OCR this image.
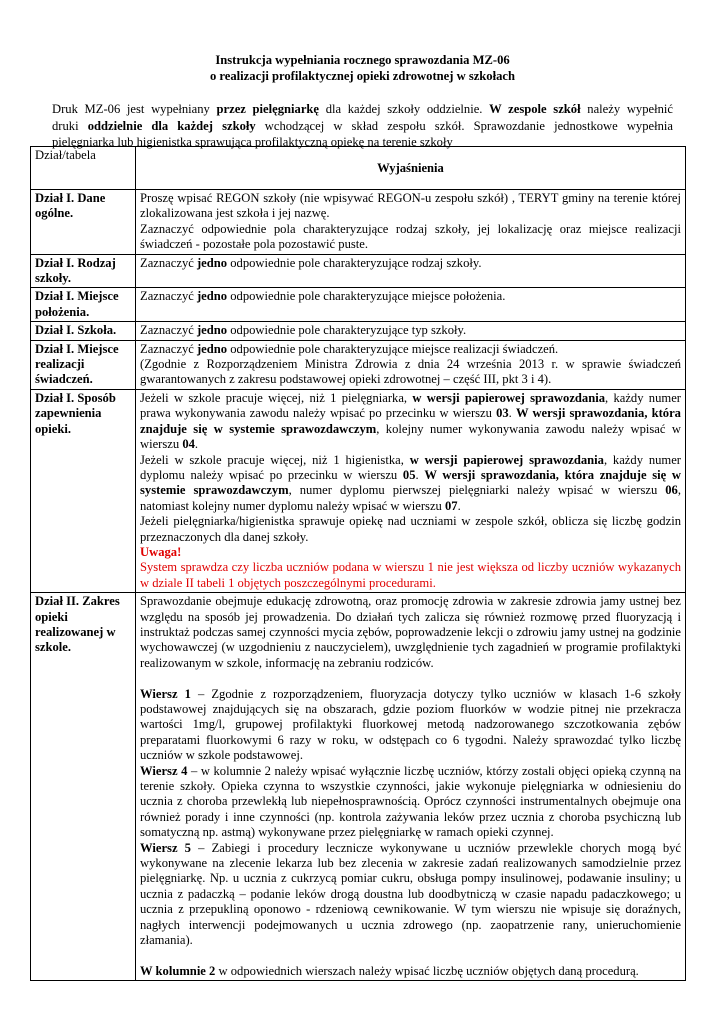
Instrukcja wypełniania rocznego sprawozdania MZ-06
o realizacji profilaktycznej opieki zdrowotnej w szkołach
Druk MZ-06 jest wypełniany przez pielęgniarkę dla każdej szkoły oddzielnie. W zespole szkół należy wypełnić
druki oddzielnie dla każdej szkoły wchodzącej w skład zespołu szkół. Sprawozdanie jednostkowe wypełnia
pielęgniarka lub higienistka sprawująca profilaktyczną opiekę na terenie szkoły
Dział/tabela	Wyjaśnienia
Dział I. Dane ogólne.	Proszę wpisać REGON szkoły (nie wpisywać REGON-u zespołu szkół) , TERYT gminy na terenie której zlokalizowana jest szkoła i jej nazwę.
Zaznaczyć odpowiednie pola charakteryzujące rodzaj szkoły, jej lokalizację oraz miejsce realizacji świadczeń - pozostałe pola pozostawić puste.

Dział I. Rodzaj szkoły.	Zaznaczyć jedno odpowiednie pole charakteryzujące rodzaj szkoły.
Dział I. Miejsce położenia.	Zaznaczyć jedno odpowiednie pole charakteryzujące miejsce położenia.
Dział I. Szkoła.	Zaznaczyć jedno odpowiednie pole charakteryzujące typ szkoły.
Dział I. Miejsce realizacji świadczeń.	Zaznaczyć jedno odpowiednie pole charakteryzujące miejsce realizacji świadczeń.
(Zgodnie z Rozporządzeniem Ministra Zdrowia z dnia 24 września 2013 r. w sprawie świadczeń gwarantowanych z zakresu podstawowej opieki zdrowotnej – część III, pkt 3 i 4).

Dział I. Sposób zapewnienia opieki.	Jeżeli w szkole pracuje więcej, niż 1 pielęgniarka, w wersji papierowej sprawozdania, każdy numer prawa wykonywania zawodu należy wpisać po przecinku w wierszu 03. W wersji sprawozdania, która znajduje się w systemie sprawozdawczym, kolejny numer wykonywania zawodu należy wpisać w wierszu 04.
Jeżeli w szkole pracuje więcej, niż 1 higienistka, w wersji papierowej sprawozdania, każdy numer dyplomu należy wpisać po przecinku w wierszu 05. W wersji sprawozdania, która znajduje się w systemie sprawozdawczym, numer dyplomu pierwszej pielęgniarki należy wpisać w wierszu 06, natomiast kolejny numer dyplomu należy wpisać w wierszu 07.
Jeżeli pielęgniarka/higienistka sprawuje opiekę nad uczniami w zespole szkół, oblicza się liczbę godzin przeznaczonych dla danej szkoły.
Uwaga!
System sprawdza czy liczba uczniów podana w wierszu 1 nie jest większa od liczby uczniów wykazanych w dziale II tabeli 1 objętych poszczególnymi procedurami.

Dział II. Zakres opieki realizowanej w szkole.	Sprawozdanie obejmuje edukację zdrowotną, oraz promocję zdrowia w zakresie zdrowia jamy ustnej bez względu na sposób jej prowadzenia. Do działań tych zalicza się również rozmowę przed fluoryzacją i instruktaż podczas samej czynności mycia zębów, poprowadzenie lekcji o zdrowiu jamy ustnej na godzinie wychowawczej (w uzgodnieniu z nauczycielem), uwzględnienie tych zagadnień w programie profilaktyki realizowanym w szkole, informację na zebraniu rodziców.
Wiersz 1 – Zgodnie z rozporządzeniem, fluoryzacja dotyczy tylko uczniów w klasach 1-6 szkoły podstawowej znajdujących się na obszarach, gdzie poziom fluorków w wodzie pitnej nie przekracza wartości 1mg/l, grupowej profilaktyki fluorkowej metodą nadzorowanego szczotkowania zębów preparatami fluorkowymi 6 razy w roku, w odstępach co 6 tygodni. Należy sprawozdać tylko liczbę uczniów w szkole podstawowej.
Wiersz 4 – w kolumnie 2 należy wpisać wyłącznie liczbę uczniów, którzy zostali objęci opieką czynną na terenie szkoły. Opieka czynna to wszystkie czynności, jakie wykonuje pielęgniarka w odniesieniu do ucznia z choroba przewlekłą lub niepełnosprawnością. Oprócz czynności instrumentalnych obejmuje ona również porady i inne czynności (np. kontrola zażywania leków przez ucznia z choroba psychiczną lub somatyczną np. astmą) wykonywane przez pielęgniarkę w ramach opieki czynnej.
Wiersz 5 – Zabiegi i procedury lecznicze wykonywane u uczniów przewlekle chorych mogą być wykonywane na zlecenie lekarza lub bez zlecenia w zakresie zadań realizowanych samodzielnie przez pielęgniarkę. Np. u ucznia z cukrzycą pomiar cukru, obsługa pompy insulinowej, podawanie insuliny; u ucznia z padaczką – podanie leków drogą doustna lub doodbytniczą w czasie napadu padaczkowego; u ucznia z przepukliną oponowo - rdzeniową cewnikowanie. W tym wierszu nie wpisuje się doraźnych, nagłych interwencji podejmowanych u ucznia zdrowego (np. zaopatrzenie rany, unieruchomienie złamania).
W kolumnie 2 w odpowiednich wierszach należy wpisać liczbę uczniów objętych daną procedurą.
